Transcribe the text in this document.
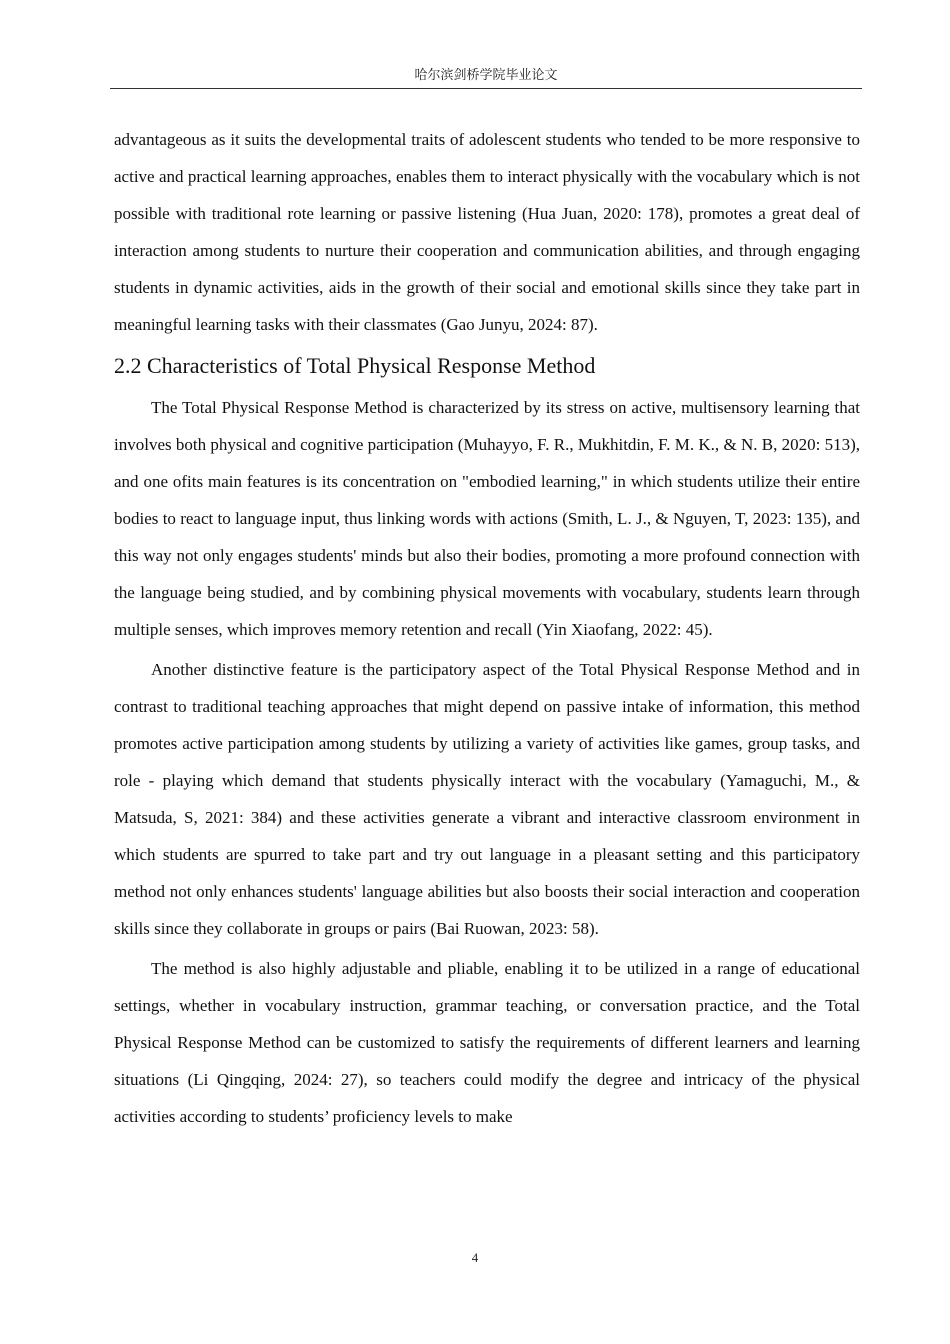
哈尔滨剑桥学院毕业论文

advantageous as it suits the developmental traits of adolescent students who tended to be more responsive to active and practical learning approaches, enables them to interact physically with the vocabulary which is not possible with traditional rote learning or passive listening (Hua Juan, 2020: 178), promotes a great deal of interaction among students to nurture their cooperation and communication abilities, and through engaging students in dynamic activities, aids in the growth of their social and emotional skills since they take part in meaningful learning tasks with their classmates (Gao Junyu, 2024: 87).

2.2 Characteristics of Total Physical Response Method

The Total Physical Response Method is characterized by its stress on active, multisensory learning that involves both physical and cognitive participation (Muhayyo, F. R., Mukhitdin, F. M. K., & N. B, 2020: 513), and one ofits main features is its concentration on "embodied learning," in which students utilize their entire bodies to react to language input, thus linking words with actions (Smith, L. J., & Nguyen, T, 2023: 135), and this way not only engages students' minds but also their bodies, promoting a more profound connection with the language being studied, and by combining physical movements with vocabulary, students learn through multiple senses, which improves memory retention and recall (Yin Xiaofang, 2022: 45).

Another distinctive feature is the participatory aspect of the Total Physical Response Method and in contrast to traditional teaching approaches that might depend on passive intake of information, this method promotes active participation among students by utilizing a variety of activities like games, group tasks, and role - playing which demand that students physically interact with the vocabulary (Yamaguchi, M., & Matsuda, S, 2021: 384) and these activities generate a vibrant and interactive classroom environment in which students are spurred to take part and try out language in a pleasant setting and this participatory method not only enhances students' language abilities but also boosts their social interaction and cooperation skills since they collaborate in groups or pairs (Bai Ruowan, 2023: 58).

The method is also highly adjustable and pliable, enabling it to be utilized in a range of educational settings, whether in vocabulary instruction, grammar teaching, or conversation practice, and the Total Physical Response Method can be customized to satisfy the requirements of different learners and learning situations (Li Qingqing, 2024: 27), so teachers could modify the degree and intricacy of the physical activities according to students’ proficiency levels to make

4
